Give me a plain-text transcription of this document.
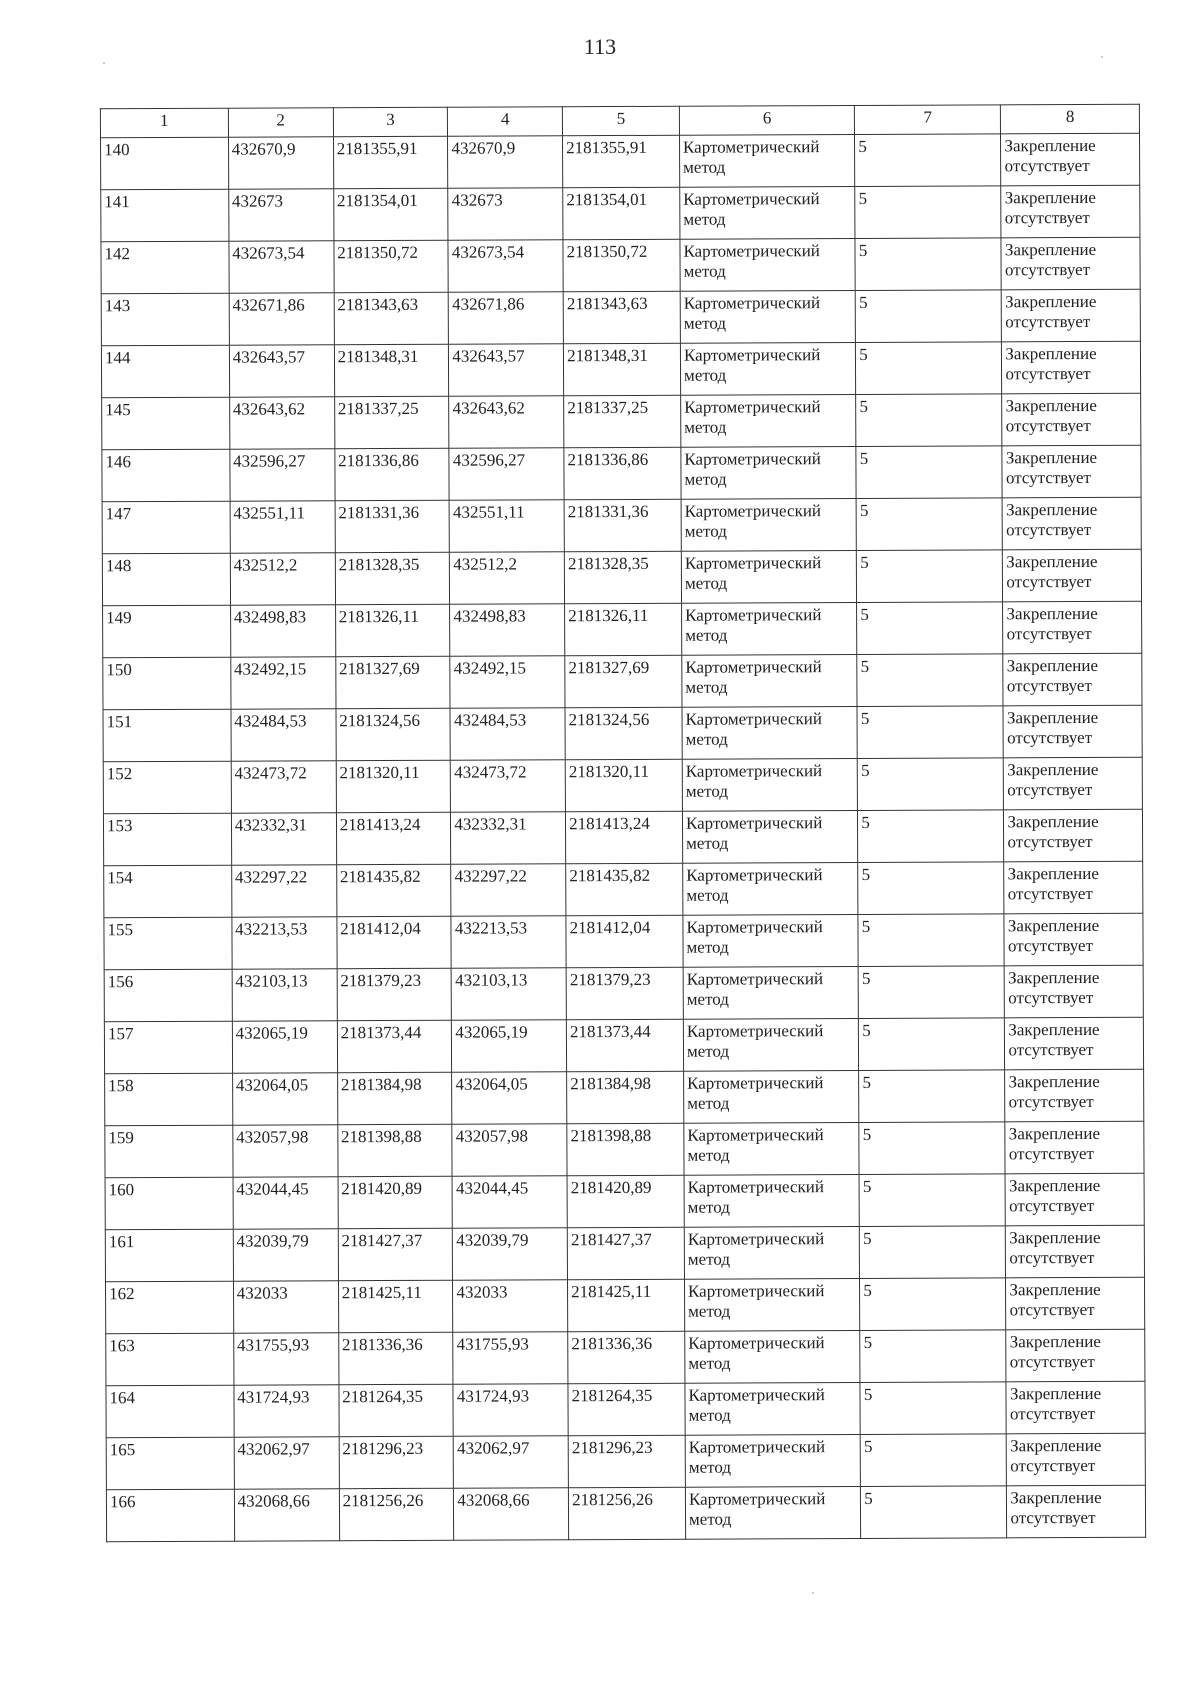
113
1	2	3	4	5	6	7	8
140	432670,9	2181355,91	432670,9	2181355,91	Картометрический метод	5	Закрепление отсутствует
141	432673	2181354,01	432673	2181354,01	Картометрический метод	5	Закрепление отсутствует
142	432673,54	2181350,72	432673,54	2181350,72	Картометрический метод	5	Закрепление отсутствует
143	432671,86	2181343,63	432671,86	2181343,63	Картометрический метод	5	Закрепление отсутствует
144	432643,57	2181348,31	432643,57	2181348,31	Картометрический метод	5	Закрепление отсутствует
145	432643,62	2181337,25	432643,62	2181337,25	Картометрический метод	5	Закрепление отсутствует
146	432596,27	2181336,86	432596,27	2181336,86	Картометрический метод	5	Закрепление отсутствует
147	432551,11	2181331,36	432551,11	2181331,36	Картометрический метод	5	Закрепление отсутствует
148	432512,2	2181328,35	432512,2	2181328,35	Картометрический метод	5	Закрепление отсутствует
149	432498,83	2181326,11	432498,83	2181326,11	Картометрический метод	5	Закрепление отсутствует
150	432492,15	2181327,69	432492,15	2181327,69	Картометрический метод	5	Закрепление отсутствует
151	432484,53	2181324,56	432484,53	2181324,56	Картометрический метод	5	Закрепление отсутствует
152	432473,72	2181320,11	432473,72	2181320,11	Картометрический метод	5	Закрепление отсутствует
153	432332,31	2181413,24	432332,31	2181413,24	Картометрический метод	5	Закрепление отсутствует
154	432297,22	2181435,82	432297,22	2181435,82	Картометрический метод	5	Закрепление отсутствует
155	432213,53	2181412,04	432213,53	2181412,04	Картометрический метод	5	Закрепление отсутствует
156	432103,13	2181379,23	432103,13	2181379,23	Картометрический метод	5	Закрепление отсутствует
157	432065,19	2181373,44	432065,19	2181373,44	Картометрический метод	5	Закрепление отсутствует
158	432064,05	2181384,98	432064,05	2181384,98	Картометрический метод	5	Закрепление отсутствует
159	432057,98	2181398,88	432057,98	2181398,88	Картометрический метод	5	Закрепление отсутствует
160	432044,45	2181420,89	432044,45	2181420,89	Картометрический метод	5	Закрепление отсутствует
161	432039,79	2181427,37	432039,79	2181427,37	Картометрический метод	5	Закрепление отсутствует
162	432033	2181425,11	432033	2181425,11	Картометрический метод	5	Закрепление отсутствует
163	431755,93	2181336,36	431755,93	2181336,36	Картометрический метод	5	Закрепление отсутствует
164	431724,93	2181264,35	431724,93	2181264,35	Картометрический метод	5	Закрепление отсутствует
165	432062,97	2181296,23	432062,97	2181296,23	Картометрический метод	5	Закрепление отсутствует
166	432068,66	2181256,26	432068,66	2181256,26	Картометрический метод	5	Закрепление отсутствует
